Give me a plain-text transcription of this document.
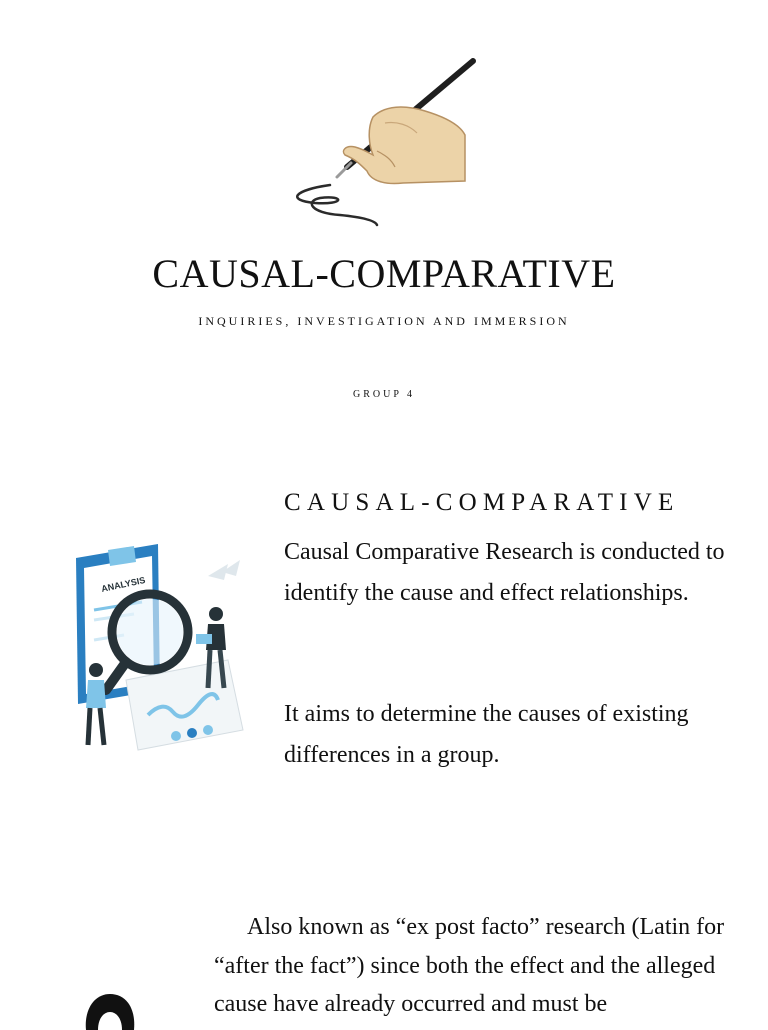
CAUSAL-COMPARATIVE
INQUIRIES, INVESTIGATION AND IMMERSION
GROUP 4
CAUSAL-COMPARATIVE
ANALYSIS
Causal Comparative Research is conducted to identify the cause and effect relationships.
It aims to determine the causes of existing differences in a group.
Also known as “ex post facto” research (Latin for “after the fact”) since both the effect and the alleged cause have already occurred and must be
